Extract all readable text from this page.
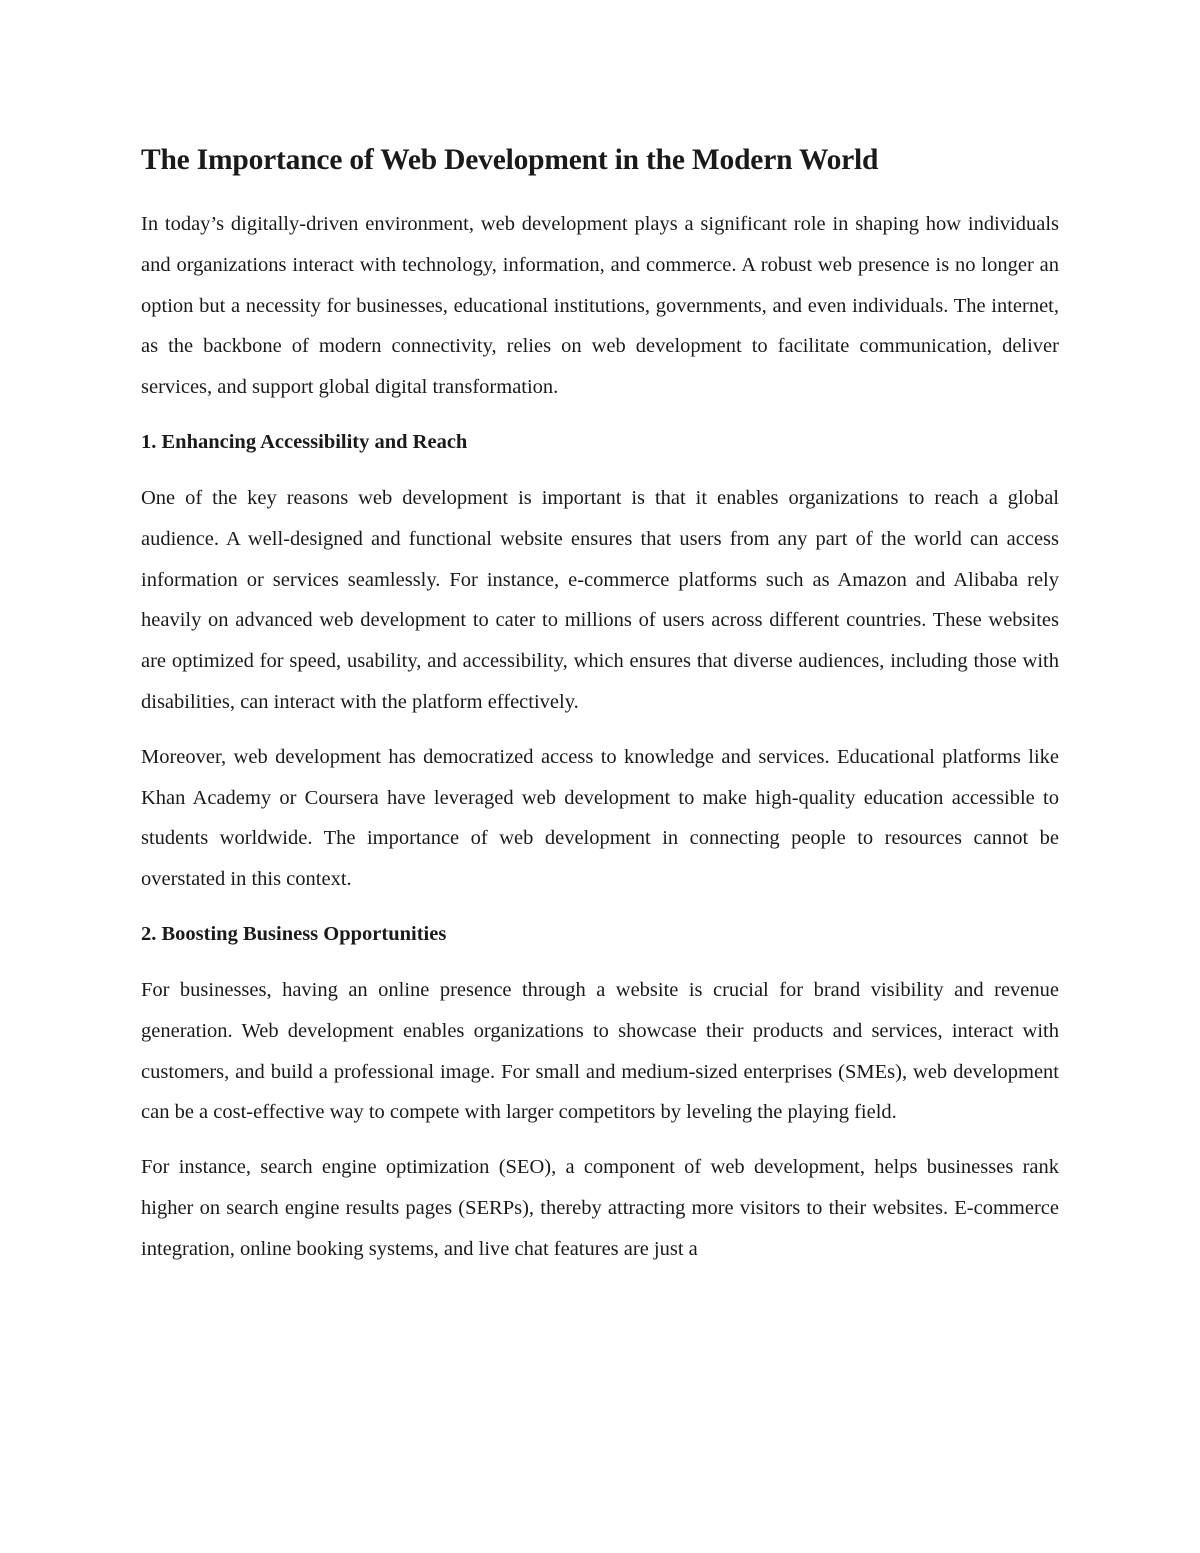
The Importance of Web Development in the Modern World

In today’s digitally-driven environment, web development plays a significant role in shaping how individuals and organizations interact with technology, information, and commerce. A robust web presence is no longer an option but a necessity for businesses, educational institutions, governments, and even individuals. The internet, as the backbone of modern connectivity, relies on web development to facilitate communication, deliver services, and support global digital transformation.

1. Enhancing Accessibility and Reach

One of the key reasons web development is important is that it enables organizations to reach a global audience. A well-designed and functional website ensures that users from any part of the world can access information or services seamlessly. For instance, e-commerce platforms such as Amazon and Alibaba rely heavily on advanced web development to cater to millions of users across different countries. These websites are optimized for speed, usability, and accessibility, which ensures that diverse audiences, including those with disabilities, can interact with the platform effectively.

Moreover, web development has democratized access to knowledge and services. Educational platforms like Khan Academy or Coursera have leveraged web development to make high-quality education accessible to students worldwide. The importance of web development in connecting people to resources cannot be overstated in this context.

2. Boosting Business Opportunities

For businesses, having an online presence through a website is crucial for brand visibility and revenue generation. Web development enables organizations to showcase their products and services, interact with customers, and build a professional image. For small and medium-sized enterprises (SMEs), web development can be a cost-effective way to compete with larger competitors by leveling the playing field.

For instance, search engine optimization (SEO), a component of web development, helps businesses rank higher on search engine results pages (SERPs), thereby attracting more visitors to their websites. E-commerce integration, online booking systems, and live chat features are just a
